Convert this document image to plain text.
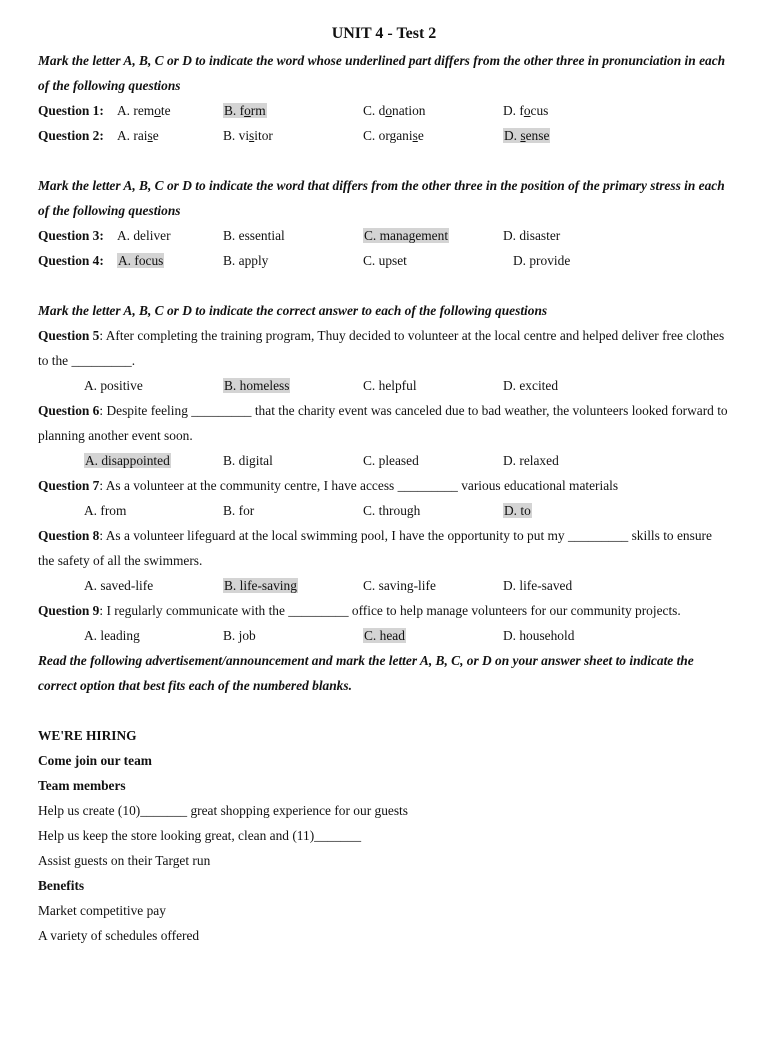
UNIT 4 - Test 2
Mark the letter A, B, C or D to indicate the word whose underlined part differs from the other three in pronunciation in each of the following questions
Question 1: A. remote	B. form	C. donation	D. focus
Question 2: A. raise	B. visitor	C. organise	D. sense
Mark the letter A, B, C or D to indicate the word that differs from the other three in the position of the primary stress in each of the following questions
Question 3: A. deliver	B. essential	C. management	D. disaster
Question 4:	A. focus	B. apply	C. upset	D. provide
Mark the letter A, B, C or D to indicate the correct answer to each of the following questions
Question 5: After completing the training program, Thuy decided to volunteer at the local centre and helped deliver free clothes to the _________.
A. positive	B. homeless	C. helpful	D. excited
Question 6: Despite feeling _________ that the charity event was canceled due to bad weather, the volunteers looked forward to planning another event soon.
A. disappointed	B. digital	C. pleased	D. relaxed
Question 7: As a volunteer at the community centre, I have access _________ various educational materials
A. from	B. for	C. through	D. to
Question 8: As a volunteer lifeguard at the local swimming pool, I have the opportunity to put my _________ skills to ensure the safety of all the swimmers.
A. saved-life	B. life-saving	C. saving-life	D. life-saved
Question 9: I regularly communicate with the _________ office to help manage volunteers for our community projects.
A. leading	B. job	C. head	D. household
Read the following advertisement/announcement and mark the letter A, B, C, or D on your answer sheet to indicate the correct option that best fits each of the numbered blanks.
WE'RE HIRING
Come join our team
Team members
Help us create (10)_______ great shopping experience for our guests
Help us keep the store looking great, clean and (11)_______
Assist guests on their Target run
Benefits
Market competitive pay
A variety of schedules offered
